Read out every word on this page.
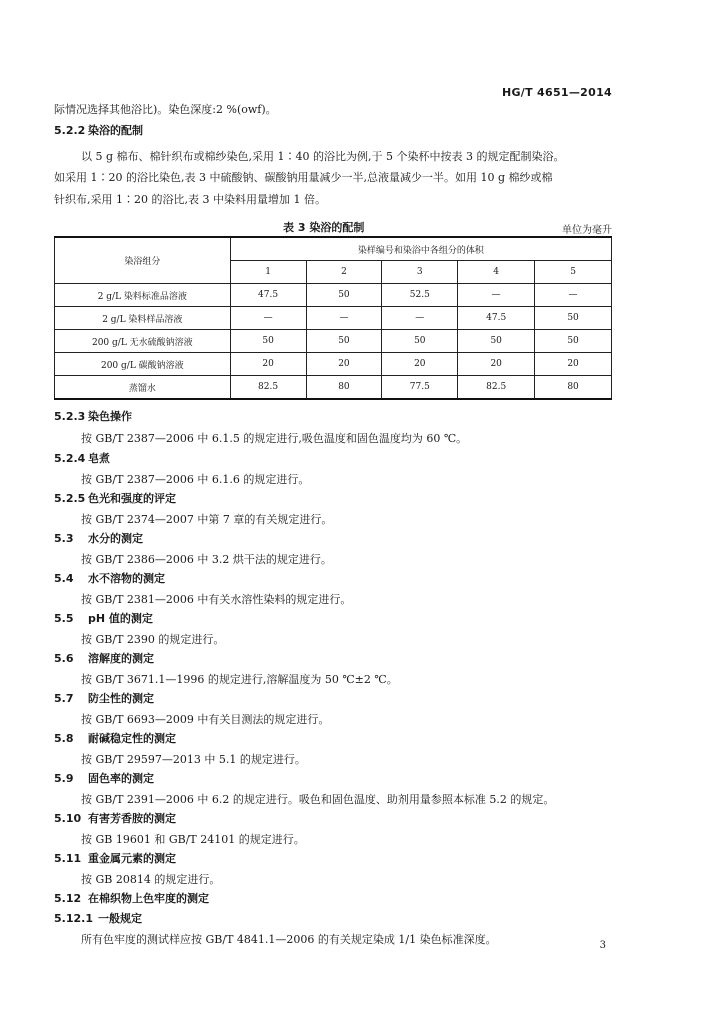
HG/T 4651—2014
际情况选择其他浴比)。染色深度:2 %(owf)。
5.2.2 染浴的配制
以 5 g 棉布、棉针织布或棉纱染色,采用 1∶40 的浴比为例,于 5 个染杯中按表 3 的规定配制染浴。
如采用 1∶20 的浴比染色,表 3 中硫酸钠、碳酸钠用量减少一半,总液量减少一半。如用 10 g 棉纱或棉
针织布,采用 1∶20 的浴比,表 3 中染料用量增加 1 倍。
表 3 染浴的配制	单位为毫升
染浴组分	染样编号和染浴中各组分的体积				
	1	2	3	4	5
2 g/L 染料标准品溶液	47.5	50	52.5	—	—
2 g/L 染料样品溶液	—	—	—	47.5	50
200 g/L 无水硫酸钠溶液	50	50	50	50	50
200 g/L 碳酸钠溶液	20	20	20	20	20
蒸馏水	82.5	80	77.5	82.5	80
5.2.3 染色操作
按 GB/T 2387—2006 中 6.1.5 的规定进行,吸色温度和固色温度均为 60 ℃。
5.2.4 皂煮
按 GB/T 2387—2006 中 6.1.6 的规定进行。
5.2.5 色光和强度的评定
按 GB/T 2374—2007 中第 7 章的有关规定进行。
5.3 水分的测定
按 GB/T 2386—2006 中 3.2 烘干法的规定进行。
5.4 水不溶物的测定
按 GB/T 2381—2006 中有关水溶性染料的规定进行。
5.5 pH 值的测定
按 GB/T 2390 的规定进行。
5.6 溶解度的测定
按 GB/T 3671.1—1996 的规定进行,溶解温度为 50 ℃±2 ℃。
5.7 防尘性的测定
按 GB/T 6693—2009 中有关目测法的规定进行。
5.8 耐碱稳定性的测定
按 GB/T 29597—2013 中 5.1 的规定进行。
5.9 固色率的测定
按 GB/T 2391—2006 中 6.2 的规定进行。吸色和固色温度、助剂用量参照本标准 5.2 的规定。
5.10 有害芳香胺的测定
按 GB 19601 和 GB/T 24101 的规定进行。
5.11 重金属元素的测定
按 GB 20814 的规定进行。
5.12 在棉织物上色牢度的测定
5.12.1 一般规定
所有色牢度的测试样应按 GB/T 4841.1—2006 的有关规定染成 1/1 染色标准深度。	3
